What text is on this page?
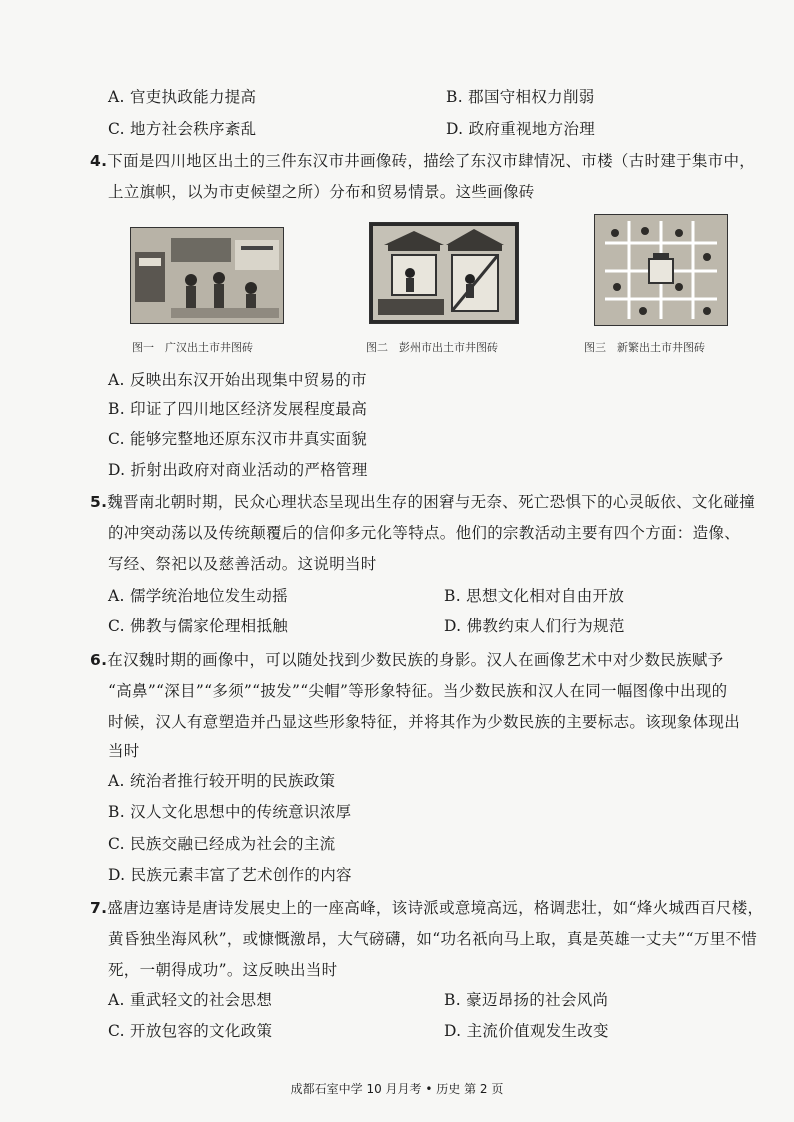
A. 官吏执政能力提高	B. 郡国守相权力削弱
C. 地方社会秩序紊乱	D. 政府重视地方治理
4.下面是四川地区出土的三件东汉市井画像砖，描绘了东汉市肆情况、市楼（古时建于集市中，
上立旗帜，以为市吏候望之所）分布和贸易情景。这些画像砖
图一　广汉出土市井图砖	图二　彭州市出土市井图砖	图三　新繁出土市井图砖
A. 反映出东汉开始出现集中贸易的市
B. 印证了四川地区经济发展程度最高
C. 能够完整地还原东汉市井真实面貌
D. 折射出政府对商业活动的严格管理
5.魏晋南北朝时期，民众心理状态呈现出生存的困窘与无奈、死亡恐惧下的心灵皈依、文化碰撞
的冲突动荡以及传统颠覆后的信仰多元化等特点。他们的宗教活动主要有四个方面：造像、
写经、祭祀以及慈善活动。这说明当时
A. 儒学统治地位发生动摇	B. 思想文化相对自由开放
C. 佛教与儒家伦理相抵触	D. 佛教约束人们行为规范
6.在汉魏时期的画像中，可以随处找到少数民族的身影。汉人在画像艺术中对少数民族赋予
“高鼻”“深目”“多须”“披发”“尖帽”等形象特征。当少数民族和汉人在同一幅图像中出现的
时候，汉人有意塑造并凸显这些形象特征，并将其作为少数民族的主要标志。该现象体现出
当时
A. 统治者推行较开明的民族政策
B. 汉人文化思想中的传统意识浓厚
C. 民族交融已经成为社会的主流
D. 民族元素丰富了艺术创作的内容
7.盛唐边塞诗是唐诗发展史上的一座高峰，该诗派或意境高远，格调悲壮，如“烽火城西百尺楼，
黄昏独坐海风秋”，或慷慨激昂，大气磅礴，如“功名祇向马上取，真是英雄一丈夫”“万里不惜
死，一朝得成功”。这反映出当时
A. 重武轻文的社会思想	B. 豪迈昂扬的社会风尚
C. 开放包容的文化政策	D. 主流价值观发生改变
成都石室中学 10 月月考 • 历史 第 2 页
